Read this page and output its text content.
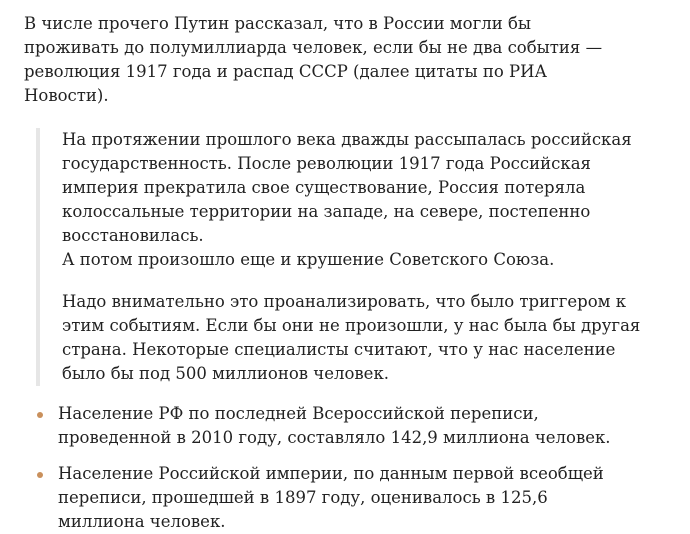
В числе прочего Путин рассказал, что в России могли бы проживать до полумиллиарда человек, если бы не два события — революция 1917 года и распад СССР (далее цитаты по РИА Новости).

На протяжении прошлого века дважды рассыпалась российская государственность. После революции 1917 года Российская империя прекратила свое существование, Россия потеряла колоссальные территории на западе, на севере, постепенно восстановилась.
А потом произошло еще и крушение Советского Союза.

Надо внимательно это проанализировать, что было триггером к этим событиям. Если бы они не произошли, у нас была бы другая страна. Некоторые специалисты считают, что у нас население было бы под 500 миллионов человек.

Население РФ по последней Всероссийской переписи, проведенной в 2010 году, составляло 142,9 миллиона человек.
Население Российской империи, по данным первой всеобщей переписи, прошедшей в 1897 году, оценивалось в 125,6 миллиона человек.
